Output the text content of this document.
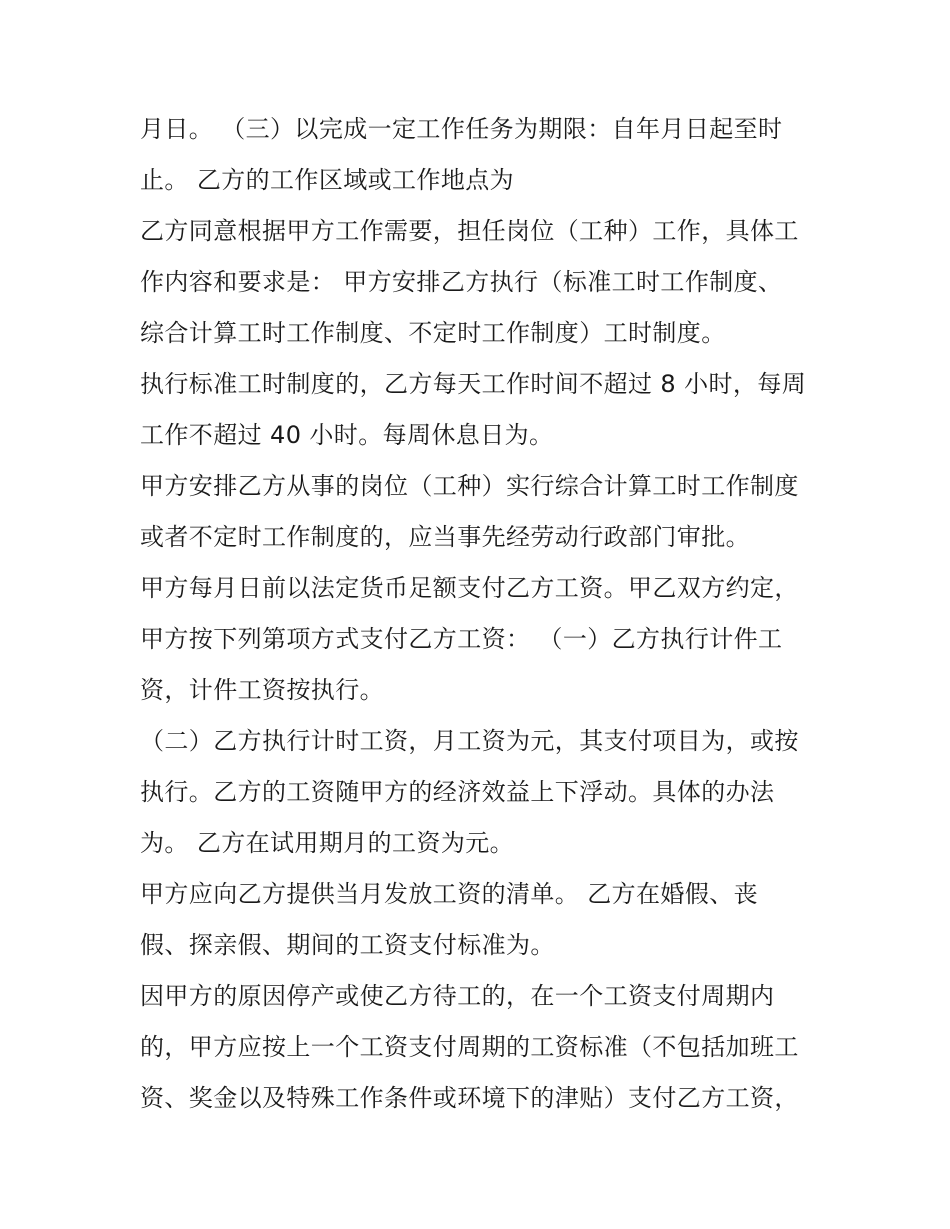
月日。 （三）以完成一定工作任务为期限：自年月日起至时

止。 乙方的工作区域或工作地点为

乙方同意根据甲方工作需要，担任岗位（工种）工作，具体工

作内容和要求是： 甲方安排乙方执行（标准工时工作制度、

综合计算工时工作制度、不定时工作制度）工时制度。

执行标准工时制度的，乙方每天工作时间不超过 8 小时，每周

工作不超过 40 小时。每周休息日为。

甲方安排乙方从事的岗位（工种）实行综合计算工时工作制度

或者不定时工作制度的，应当事先经劳动行政部门审批。

甲方每月日前以法定货币足额支付乙方工资。甲乙双方约定，

甲方按下列第项方式支付乙方工资： （一）乙方执行计件工

资，计件工资按执行。

（二）乙方执行计时工资，月工资为元，其支付项目为，或按

执行。乙方的工资随甲方的经济效益上下浮动。具体的办法

为。 乙方在试用期月的工资为元。

甲方应向乙方提供当月发放工资的清单。 乙方在婚假、丧

假、探亲假、期间的工资支付标准为。

因甲方的原因停产或使乙方待工的，在一个工资支付周期内

的，甲方应按上一个工资支付周期的工资标准（不包括加班工

资、奖金以及特殊工作条件或环境下的津贴）支付乙方工资，
